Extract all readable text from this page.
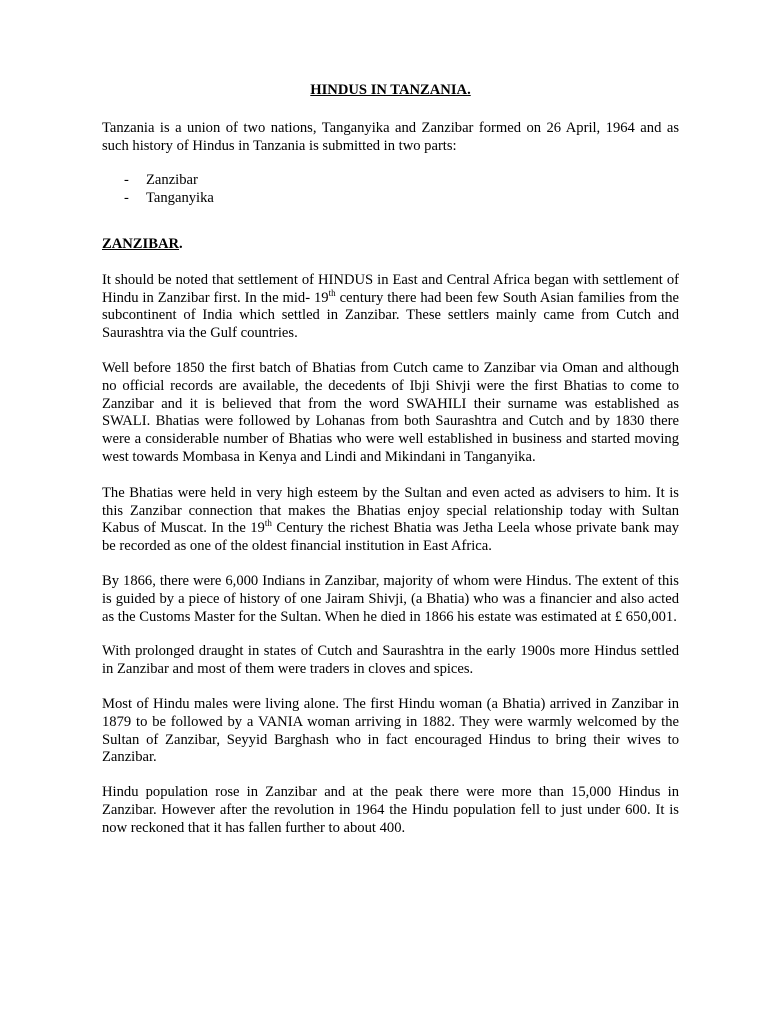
HINDUS IN TANZANIA.

Tanzania is a union of two nations, Tanganyika and Zanzibar formed on 26 April, 1964 and as such history of Hindus in Tanzania is submitted in two parts:

- Zanzibar
- Tanganyika
ZANZIBAR.

It should be noted that settlement of HINDUS in East and Central Africa began with settlement of Hindu in Zanzibar first. In the mid- 19th century there had been few South Asian families from the subcontinent of India which settled in Zanzibar. These settlers mainly came from Cutch and Saurashtra via the Gulf countries.

Well before 1850 the first batch of Bhatias from Cutch came to Zanzibar via Oman and although no official records are available, the decedents of Ibji Shivji were the first Bhatias to come to Zanzibar and it is believed that from the word SWAHILI their surname was established as SWALI. Bhatias were followed by Lohanas from both Saurashtra and Cutch and by 1830 there were a considerable number of Bhatias who were well established in business and started moving west towards Mombasa in Kenya and Lindi and Mikindani in Tanganyika.

The Bhatias were held in very high esteem by the Sultan and even acted as advisers to him. It is this Zanzibar connection that makes the Bhatias enjoy special relationship today with Sultan Kabus of Muscat. In the 19th Century the richest Bhatia was Jetha Leela whose private bank may be recorded as one of the oldest financial institution in East Africa.

By 1866, there were 6,000 Indians in Zanzibar, majority of whom were Hindus. The extent of this is guided by a piece of history of one Jairam Shivji, (a Bhatia) who was a financier and also acted as the Customs Master for the Sultan. When he died in 1866 his estate was estimated at £ 650,001.

With prolonged draught in states of Cutch and Saurashtra in the early 1900s more Hindus settled in Zanzibar and most of them were traders in cloves and spices.

Most of Hindu males were living alone. The first Hindu woman (a Bhatia) arrived in Zanzibar in 1879 to be followed by a VANIA woman arriving in 1882. They were warmly welcomed by the Sultan of Zanzibar, Seyyid Barghash who in fact encouraged Hindus to bring their wives to Zanzibar.

Hindu population rose in Zanzibar and at the peak there were more than 15,000 Hindus in Zanzibar. However after the revolution in 1964 the Hindu population fell to just under 600. It is now reckoned that it has fallen further to about 400.
